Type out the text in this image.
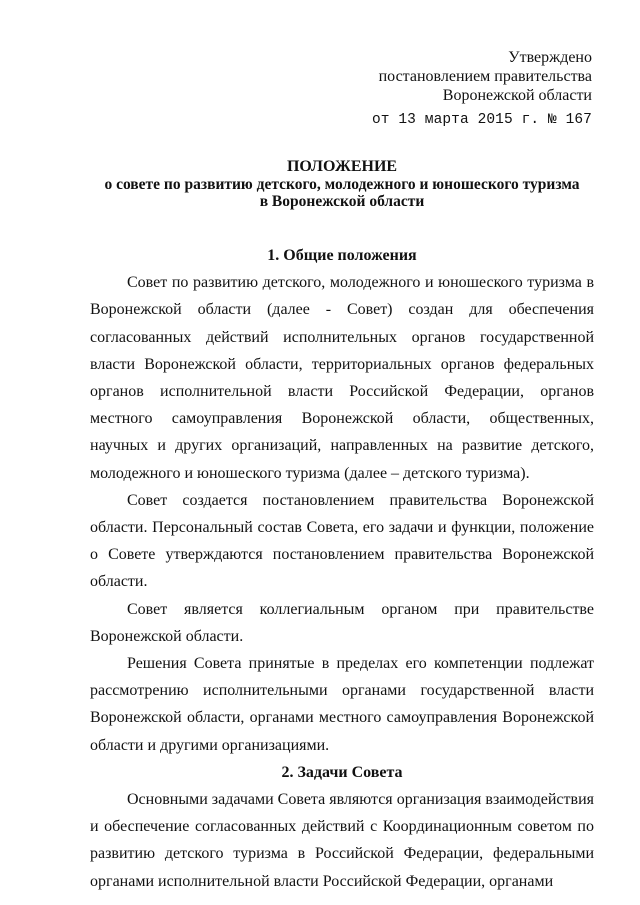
Утверждено
постановлением правительства
Воронежской области
от 13 марта 2015 г. № 167
ПОЛОЖЕНИЕ
о совете по развитию детского, молодежного и юношеского туризма
в Воронежской области

1. Общие положения

Совет по развитию детского, молодежного и юношеского туризма в Воронежской области (далее - Совет) создан для обеспечения согласованных действий исполнительных органов государственной власти Воронежской области, территориальных органов федеральных органов исполнительной власти Российской Федерации, органов местного самоуправления Воронежской области, общественных, научных и других организаций, направленных на развитие детского, молодежного и юношеского туризма (далее – детского туризма).

Совет создается постановлением правительства Воронежской области. Персональный состав Совета, его задачи и функции, положение о Совете утверждаются постановлением правительства Воронежской области.

Совет является коллегиальным органом при правительстве Воронежской области.

Решения Совета принятые в пределах его компетенции подлежат рассмотрению исполнительными органами государственной власти Воронежской области, органами местного самоуправления Воронежской области и другими организациями.

2. Задачи Совета

Основными задачами Совета являются организация взаимодействия и обеспечение согласованных действий с Координационным советом по развитию детского туризма в Российской Федерации, федеральными органами исполнительной власти Российской Федерации, органами
